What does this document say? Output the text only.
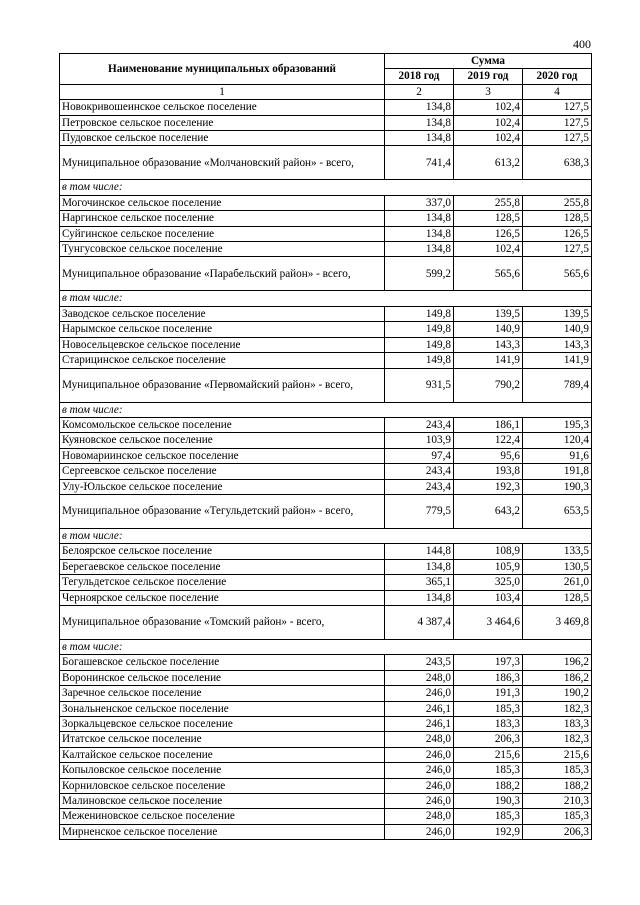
400
Наименование муниципальных образований	Сумма		
	2018 год	2019 год	2020 год
1	2	3	4
Новокривошеинское сельское поселение	134,8	102,4	127,5
Петровское сельское поселение	134,8	102,4	127,5
Пудовское сельское поселение	134,8	102,4	127,5
Муниципальное образование «Молчановский район» - всего,	741,4	613,2	638,3
в том числе:			
Могочинское сельское поселение	337,0	255,8	255,8
Наргинское сельское поселение	134,8	128,5	128,5
Суйгинское сельское поселение	134,8	126,5	126,5
Тунгусовское сельское поселение	134,8	102,4	127,5
Муниципальное образование «Парабельский район» - всего,	599,2	565,6	565,6
в том числе:			
Заводское сельское поселение	149,8	139,5	139,5
Нарымское сельское поселение	149,8	140,9	140,9
Новосельцевское сельское поселение	149,8	143,3	143,3
Старицинское сельское поселение	149,8	141,9	141,9
Муниципальное образование «Первомайский район» - всего,	931,5	790,2	789,4
в том числе:			
Комсомольское сельское поселение	243,4	186,1	195,3
Куяновское сельское поселение	103,9	122,4	120,4
Новомариинское сельское поселение	97,4	95,6	91,6
Сергеевское сельское поселение	243,4	193,8	191,8
Улу-Юльское сельское поселение	243,4	192,3	190,3
Муниципальное образование «Тегульдетский район» - всего,	779,5	643,2	653,5
в том числе:			
Белоярское сельское поселение	144,8	108,9	133,5
Берегаевское сельское поселение	134,8	105,9	130,5
Тегульдетское сельское поселение	365,1	325,0	261,0
Черноярское сельское поселение	134,8	103,4	128,5
Муниципальное образование «Томский район» - всего,	4 387,4	3 464,6	3 469,8
в том числе:			
Богашевское сельское поселение	243,5	197,3	196,2
Воронинское сельское поселение	248,0	186,3	186,2
Заречное сельское поселение	246,0	191,3	190,2
Зональненское сельское поселение	246,1	185,3	182,3
Зоркальцевское сельское поселение	246,1	183,3	183,3
Итатское сельское поселение	248,0	206,3	182,3
Калтайское сельское поселение	246,0	215,6	215,6
Копыловское сельское поселение	246,0	185,3	185,3
Корниловское сельское поселение	246,0	188,2	188,2
Малиновское сельское поселение	246,0	190,3	210,3
Межениновское сельское поселение	248,0	185,3	185,3
Мирненское сельское поселение	246,0	192,9	206,3
